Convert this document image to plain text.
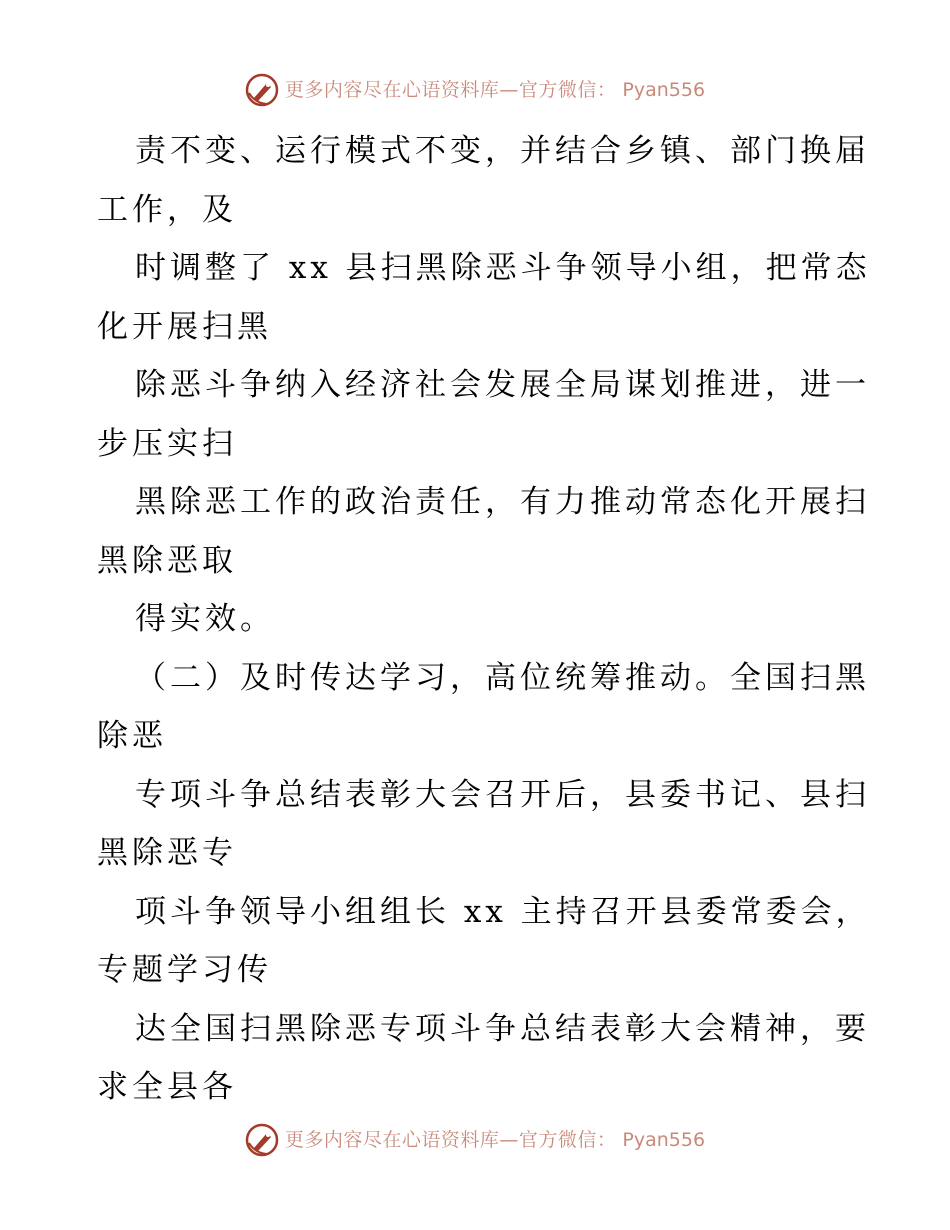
更多内容尽在心语资料库—官方微信： Pyan556
责不变、运行模式不变，并结合乡镇、部门换届
工作，及
时调整了 xx 县扫黑除恶斗争领导小组，把常态
化开展扫黑
除恶斗争纳入经济社会发展全局谋划推进，进一
步压实扫
黑除恶工作的政治责任，有力推动常态化开展扫
黑除恶取
得实效。
（二）及时传达学习，高位统筹推动。全国扫黑
除恶
专项斗争总结表彰大会召开后，县委书记、县扫
黑除恶专
项斗争领导小组组长 xx 主持召开县委常委会，
专题学习传
达全国扫黑除恶专项斗争总结表彰大会精神，要
求全县各
更多内容尽在心语资料库—官方微信： Pyan556
